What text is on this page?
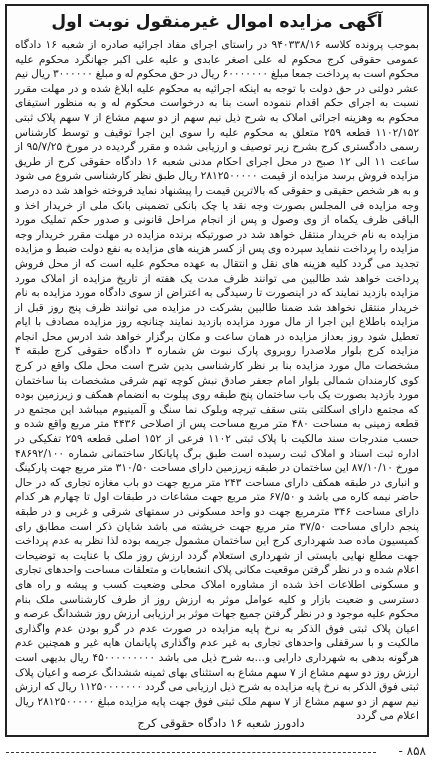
آگهی مزایده اموال غیرمنقول نوبت اول
بموجب پرونده کلاسه ۹۴۰۳۳۸/۱۶ در راستای اجرای مفاد اجرائیه صادره از شعبه ۱۶ دادگاه عمومی حقوقی کرج محکوم له علی اصغر عابدی و علیه علی اکبر جهانگرد محکوم علیه محکوم است به پرداخت جمعا مبلغ ۶۰۰۰۰۰۰۰ ریال در حق محکوم له و مبلغ ۳۰۰۰۰۰۰ ریال نیم عشر دولتی در حق دولت با توجه به اینکه اجرائیه به محکوم علیه ابلاغ شده و در مهلت مقرر نسبت به اجرای حکم اقدام ننموده است بنا به درخواست محکوم له و به منظور استیفای محکوم به وهزینه اجرائی املاک به شرح ذیل نیم سهم از دو سهم مشاع از ۷ سهم پلاک ثبتی ۱۱۰۲/۱۵۲ قطعه ۲۵۹ متعلق به محکوم علیه را سوی این اجرا توقیف و توسط کارشناس رسمی دادگستری کرج بشرح زیر توصیف و ارزیابی شده و مقرر گردیده در مورخ ۹۵/۷/۲۵ از ساعت ۱۱ الی ۱۲ صبح در محل اجرای احکام مدنی شعبه ۱۶ دادگاه حقوقی کرج از طریق مزایده فروش برسد مزایده از قیمت ۲۸۱۲۵۰۰۰۰۰ ریال طبق نظر کارشناسی شروع می شود و به هر شخص حقیقی و حقوقی که بالاترین قیمت را پیشنهاد نماید فروخته خواهد شد ده درصد وجه مزایده فی المجلس بصورت وجه نقد یا چک بانکی تضمینی بانک ملی از خریدار اخذ و الباقی ظرف یکماه از وی وصول و پس از انجام مراحل قانونی و صدور حکم تملیک مورد مزایده به نام خریدار منتقل خواهد شد در صورتیکه برنده مزایده در مهلت مقرر خریدار وجه مزایده را پرداخت ننماید سپرده وی پس از کسر هزینه های مزایده به نفع دولت ضبط و مزایده تجدید می گردد کلیه هزینه های نقل و انتقال به عهده محکوم علیه است که از محل فروش پرداخت خواهد شد طالبین می توانند ظرف مدت یک هفته از تاریخ مزایده از املاک مورد مزایده بازدید نمایند که در اینصورت تا رسیدگی به اعتراض از سوی دادگاه مورد مزایده به نام خریدار منتقل نخواهد شد ضمنا طالبین بشرکت در مزایده می توانند ظرف پنج روز قبل از مزایده باطلاع این اجرا از مال مورد مزایده بازدید نمایند چنانچه روز مزایده مصادف با ایام تعطیل شود روز بعداز مزایده در همان ساعت و مکان برگزار خواهد شد ادرس محل انجام مزایده کرج بلوار ملاصدرا روبروی پارک نبوت ش شماره ۳ دادگاه حقوقی کرج طبقه ۴ مشخصات مال مورد مزایده بنا بر نظر کارشناسی بدین شرح است محل ملک واقع در کرج کوی کارمندان شمالی بلوار امام جعفر صادق نبش کوچه تهم شرقی مشخصات بنا ساختمان مورد بازدید بصورت یک باب ساختمان پنج طبقه روی پیلوت به انضمام همکف و زیرزمین بوده که مجتمع دارای اسکلتی بتنی سقف تیرچه وبلوک نما سنگ و آلمینیوم میباشد این مجتمع در قطعه زمینی به مساحت ۴۸۰ متر مربع مساحت پس از اصلاحی ۴۴۳۶ متر مربع واقع شده و حسب مندرجات سند مالکیت با پلاک ثبتی ۱۱۰۲ فرعی از ۱۵۲ اصلی قطعه ۲۵۹ تفکیکی در اداره ثبت اسناد و املاک ثبت رسیده است طبق برگ پایانکار ساختمانی شماره ۴۸۶۹۲/۱۰۰ مورخ ۸۷/۱۰/۱۰ این ساختمان در طبقه زیرزمین دارای مساحت ۳۱۰/۵۰ متر مربع جهت پارکینگ و انباری در طبقه همکف دارای مساحت ۲۴۳ متر مربع جهت دو باب مغازه تجاری که در حال حاضر نیمه کاره می باشد و ۶۷/۵۰ متر مربع جهت مشاعات در طبقات اول تا چهارم هر کدام دارای مساحت ۳۴۶ مترمربع جهت دو واحد مسکونی در سمتهای شرقی و غربی و در طبقه پنجم دارای مساحت ۳۷/۵۰ متر مربع جهت خرپشته می باشد شایان ذکر است مطابق رای کمیسیون ماده صد شهرداری کرج این ساختمان مشمول جریمه بوده لذا نظر به عدم پرداخت جهت مطلع نهایی بایستی از شهرداری استعلام گردد ارزش روز ملک با عنایت به توضیحات اعلام شده و در نظر گرفتن موقعیت مکانی پلاک انشعابات و متعلقات مساحت واحدهای تجاری و مسکونی اطلاعات اخذ شده از مشاوره املاک محلی وضعیت کسب و پیشه و راه های دسترسی و ضعیت بازار و کلیه عوامل موثر به ارزش روز از طرف کارشناسی ملک بنام محکوم علیه موجود و در نظر گرفتن جمیع جهات موثر بر ارزیابی ارزش روز ششدانگ عرصه و اعیان پلاک ثبتی فوق الذکر به نرخ پایه مزایده در صورت عدم در گرو بودن عدم واگذاری مالکیت و با سرقفلی واحدهای تجاری به غیر عدم واگذاری پایانمان هایه غیر و همچنین عدم هرگونه بدهی به شهرداری دارایی و…به شرح ذیل می باشد ۴۵۰۰۰۰۰۰۰۰۰ ریال بدیهی است ارزش روز دو سهم مشاع از ۷ سهم مشاع به استثنای بهای ثمینه ششدانگ عرصه و اعیان پلاک ثبتی فوق الذکر به نرخ پایه مزایده به شرح ذیل ارزیابی می گردد ۱۱۲۵۰۰۰۰۰۰۰ ریال که ارزش نیم سهم از دو سهم مشاع از ۷ سهم ملک ثبتی فوق جهت پایه مزایده مبلغ ۲۸۱۲۵۰۰۰۰۰ ریال اعلام می گردد
دادورز شعبه ۱۶ دادگاه حقوقی کرج
۸۵۸ -
